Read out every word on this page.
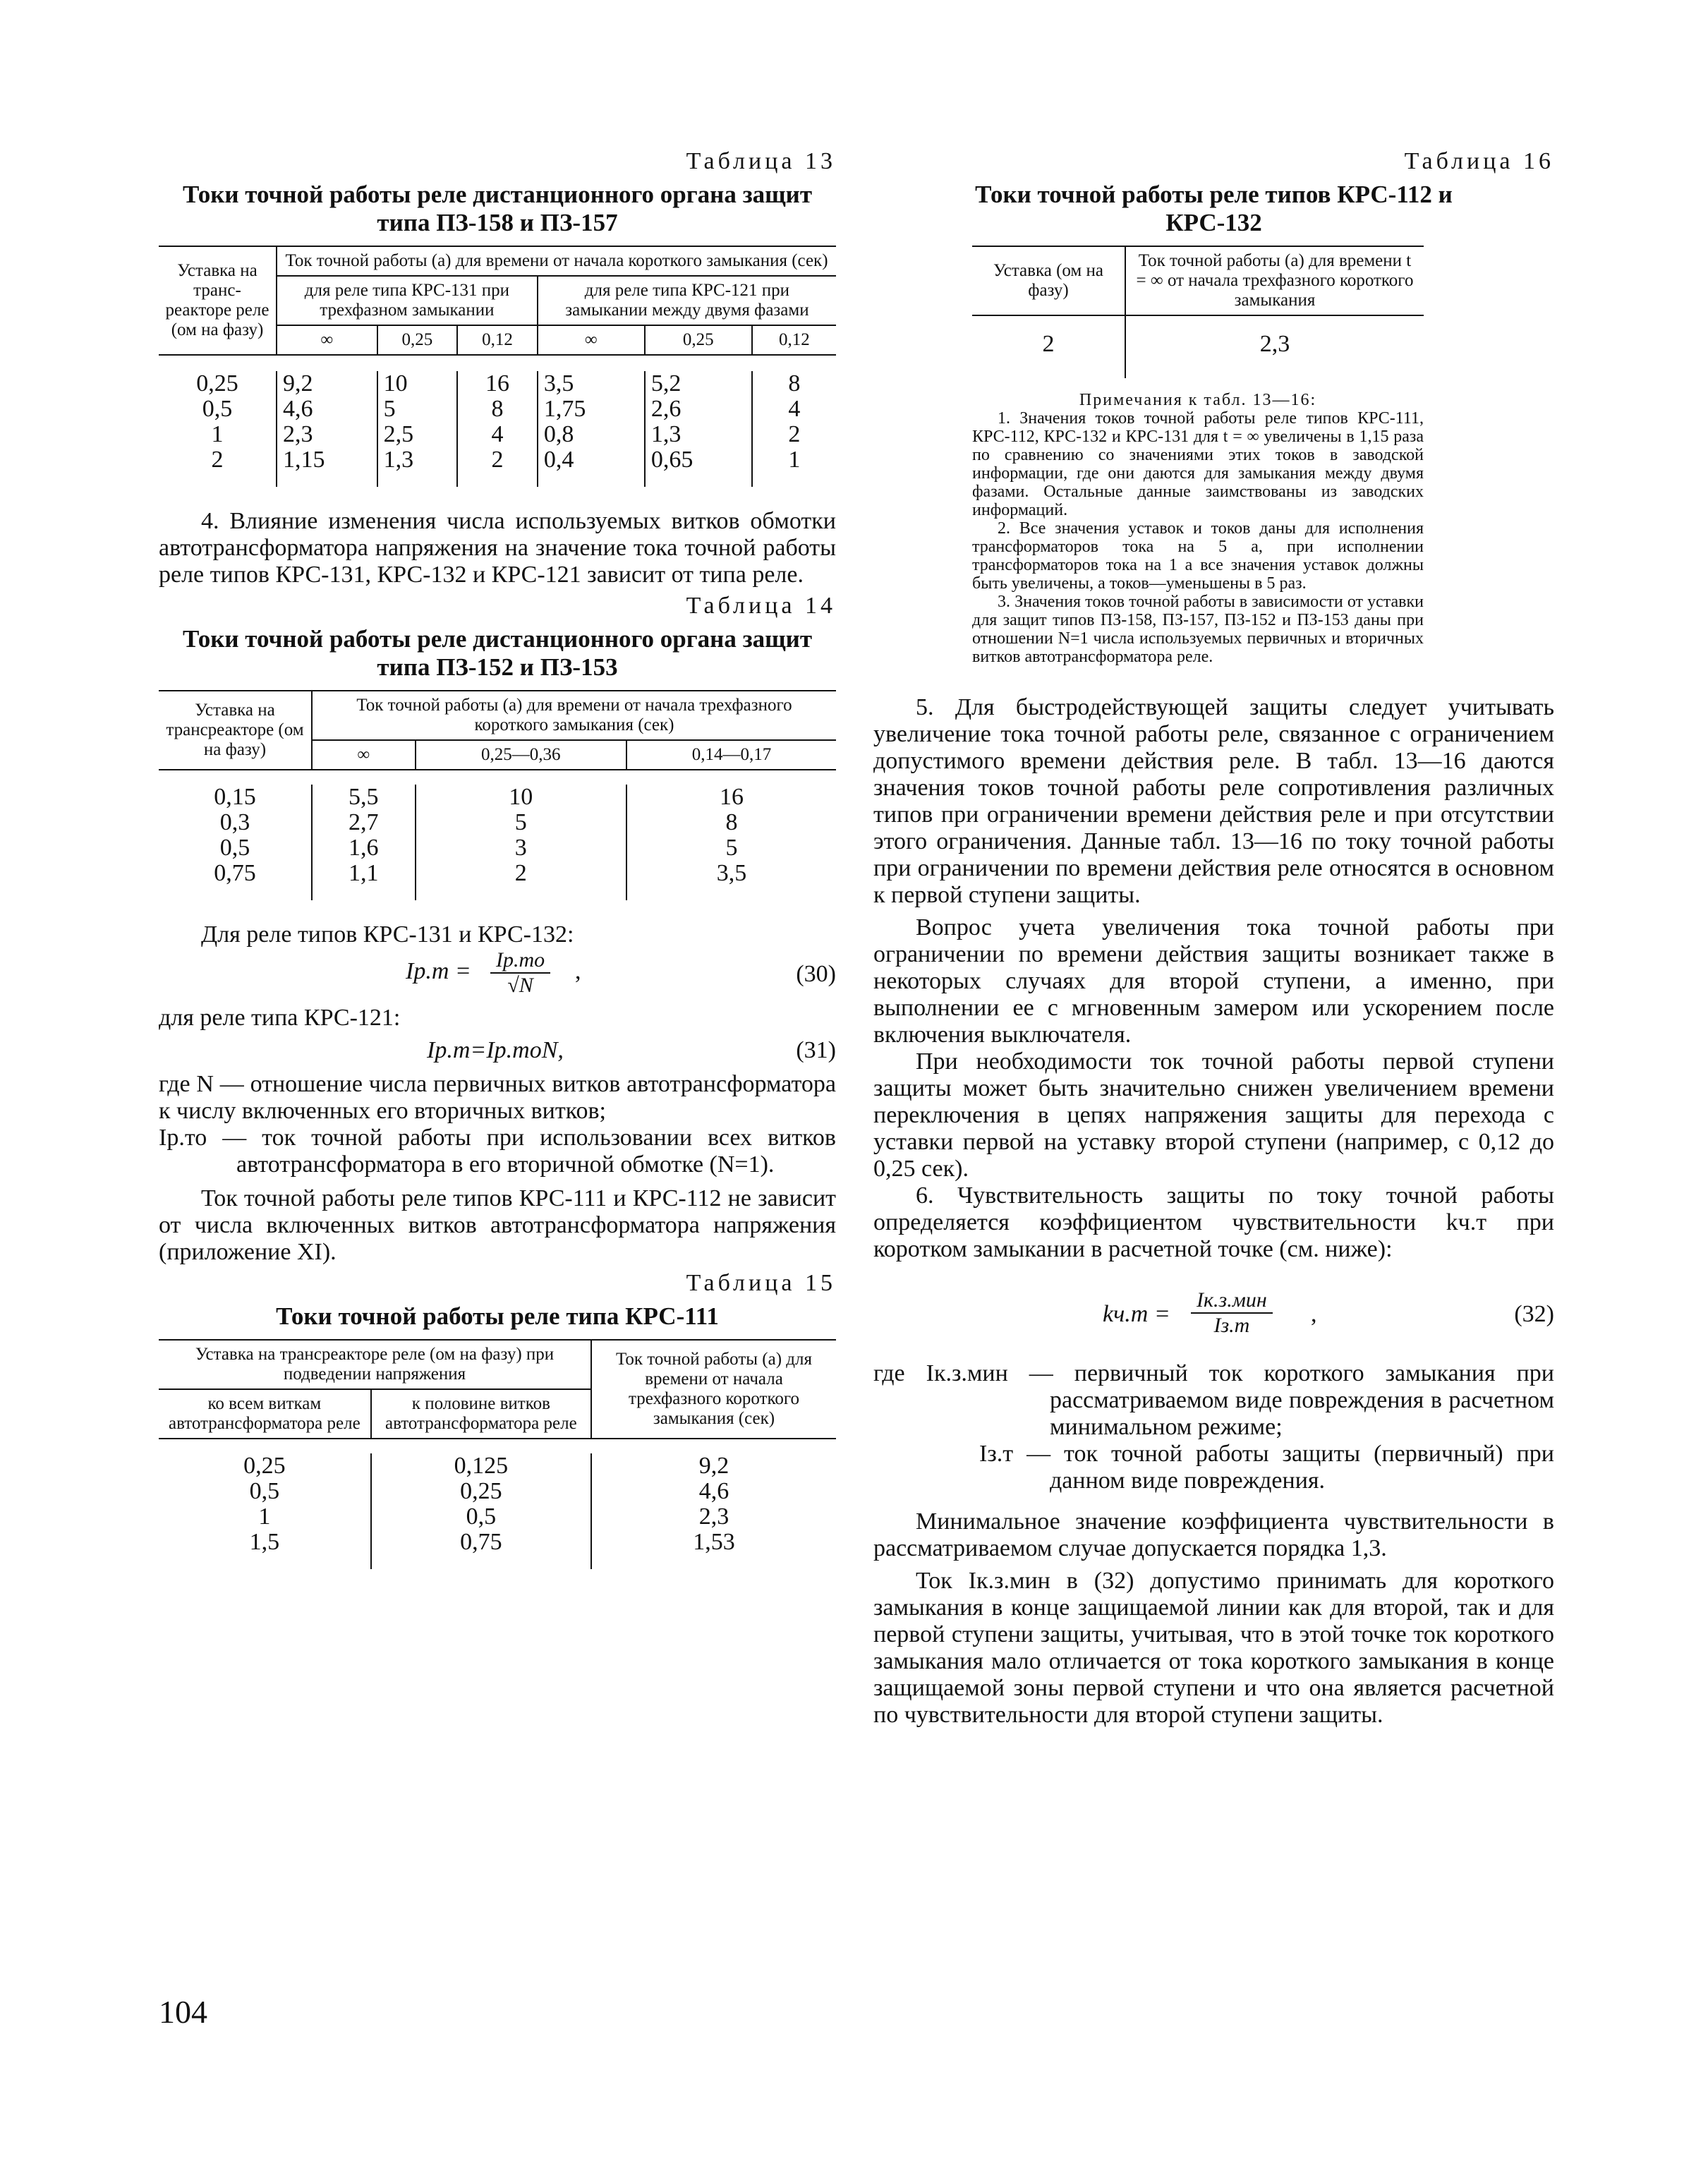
Таблица 13

Токи точной работы реле дистанционного органа защит типа ПЗ-158 и ПЗ-157
Уставка на транс-реакторе реле (ом на фазу)	Ток точной работы (а) для времени от начала короткого замыкания (сек)					
	для реле типа КРС-131 при трехфазном замыкании			для реле типа КРС-121 при замыкании между двумя фазами		
	∞	0,25	0,12	∞	0,25	0,12

0,25	9,2	10	16	3,5	5,2	8
0,5	4,6	5	8	1,75	2,6	4
1	2,3	2,5	4	0,8	1,3	2
2	1,15	1,3	2	0,4	0,65	1

4. Влияние изменения числа используемых витков обмотки автотрансформатора напряжения на значение тока точной работы реле типов КРС-131, КРС-132 и КРС-121 зависит от типа реле.

Таблица 14

Токи точной работы реле дистанционного органа защит типа ПЗ-152 и ПЗ-153
Уставка на трансреакторе (ом на фазу)	Ток точной работы (а) для времени от начала трехфазного короткого замыкания (сек)		
	∞	0,25—0,36	0,14—0,17

0,15	5,5	10	16
0,3	2,7	5	8
0,5	1,6	3	5
0,75	1,1	2	3,5

Для реле типов КРС-131 и КРС-132:

Iр.т = Iр.то
√N
,	(30)

для реле типа КРС-121:

Iр.т=Iр.тоN,	(31)

где N — отношение числа первичных витков автотрансформатора к числу включенных его вторичных витков;

Iр.то — ток точной работы при использовании всех витков автотрансформатора в его вторичной обмотке (N=1).

Ток точной работы реле типов КРС-111 и КРС-112 не зависит от числа включенных витков автотрансформатора напряжения (приложение XI).

Таблица 15

Токи точной работы реле типа КРС-111
Уставка на трансреакторе реле (ом на фазу) при подведении напряжения		Ток точной работы (а) для времени от начала трехфазного короткого замыкания (сек)
ко всем виткам автотрансформатора реле	к половине витков автотрансформатора реле	

0,25	0,125	9,2
0,5	0,25	4,6
1	0,5	2,3
1,5	0,75	1,53
104

Таблица 16

Токи точной работы реле типов КРС-112 и КРС-132
Уставка (ом на фазу)	Ток точной работы (а) для времени t = ∞ от начала трехфазного короткого замыкания
2	2,3

Примечания к табл. 13—16:

1. Значения токов точной работы реле типов КРС-111, КРС-112, КРС-132 и КРС-131 для t = ∞ увеличены в 1,15 раза по сравнению со значениями этих токов в заводской информации, где они даются для замыкания между двумя фазами. Остальные данные заимствованы из заводских информаций.

2. Все значения уставок и токов даны для исполнения трансформаторов тока на 5 а, при исполнении трансформаторов тока на 1 а все значения уставок должны быть увеличены, а токов—уменьшены в 5 раз.

3. Значения токов точной работы в зависимости от уставки для защит типов ПЗ-158, ПЗ-157, ПЗ-152 и ПЗ-153 даны при отношении N=1 числа используемых первичных и вторичных витков автотрансформатора реле.

5. Для быстродействующей защиты следует учитывать увеличение тока точной работы реле, связанное с ограничением допустимого времени действия реле. В табл. 13—16 даются значения токов точной работы реле сопротивления различных типов при ограничении времени действия реле и при отсутствии этого ограничения. Данные табл. 13—16 по току точной работы при ограничении по времени действия реле относятся в основном к первой ступени защиты.

Вопрос учета увеличения тока точной работы при ограничении по времени действия защиты возникает также в некоторых случаях для второй ступени, а именно, при выполнении ее с мгновенным замером или ускорением после включения выключателя.

При необходимости ток точной работы первой ступени защиты может быть значительно снижен увеличением времени переключения в цепях напряжения защиты для перехода с уставки первой на уставку второй ступени (например, с 0,12 до 0,25 сек).

6. Чувствительность защиты по току точной работы определяется коэффициентом чувствительности kч.т при коротком замыкании в расчетной точке (см. ниже):

kч.т =
Iк.з.мин
Iз.т	,	(32)

где Iк.з.мин — первичный ток короткого замыкания при рассматриваемом виде повреждения в расчетном минимальном режиме;

Iз.т — ток точной работы защиты (первичный) при данном виде повреждения.

Минимальное значение коэффициента чувствительности в рассматриваемом случае допускается порядка 1,3.

Ток Iк.з.мин в (32) допустимо принимать для короткого замыкания в конце защищаемой линии как для второй, так и для первой ступени защиты, учитывая, что в этой точке ток короткого замыкания мало отличается от тока короткого замыкания в конце защищаемой зоны первой ступени и что она является расчетной по чувствительности для второй ступени защиты.
